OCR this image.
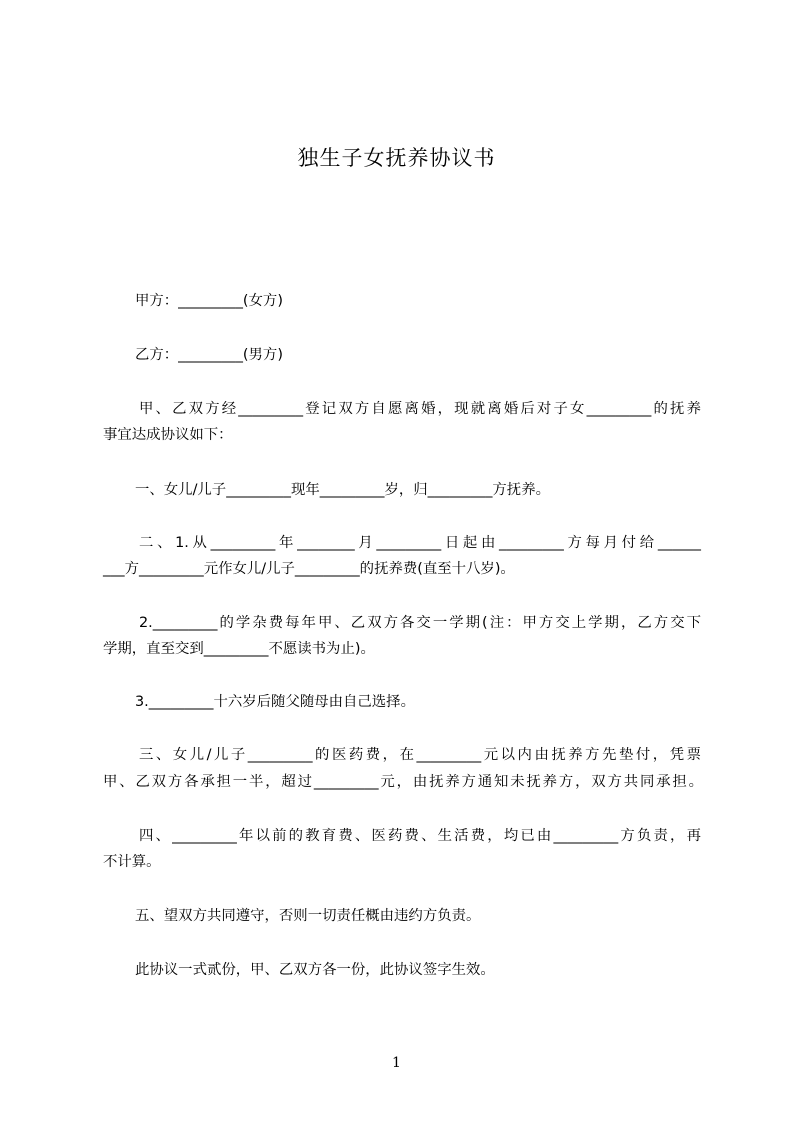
独生子女抚养协议书
甲方：_________(女方)
乙方：_________(男方)
甲、乙双方经_________登记双方自愿离婚，现就离婚后对子女_________的抚养
事宜达成协议如下：
一、女儿/儿子_________现年_________岁，归_________方抚养。
二、1.从_________年________月_________日起由_________方每月付给______
___方_________元作女儿/儿子_________的抚养费(直至十八岁)。
2._________的学杂费每年甲、乙双方各交一学期(注：甲方交上学期，乙方交下
学期，直至交到_________不愿读书为止)。
3._________十六岁后随父随母由自己选择。
三、女儿/儿子_________的医药费，在_________元以内由抚养方先垫付，凭票
甲、乙双方各承担一半，超过_________元，由抚养方通知未抚养方，双方共同承担。
四、_________年以前的教育费、医药费、生活费，均已由_________方负责，再
不计算。
五、望双方共同遵守，否则一切责任概由违约方负责。
此协议一式贰份，甲、乙双方各一份，此协议签字生效。
1
